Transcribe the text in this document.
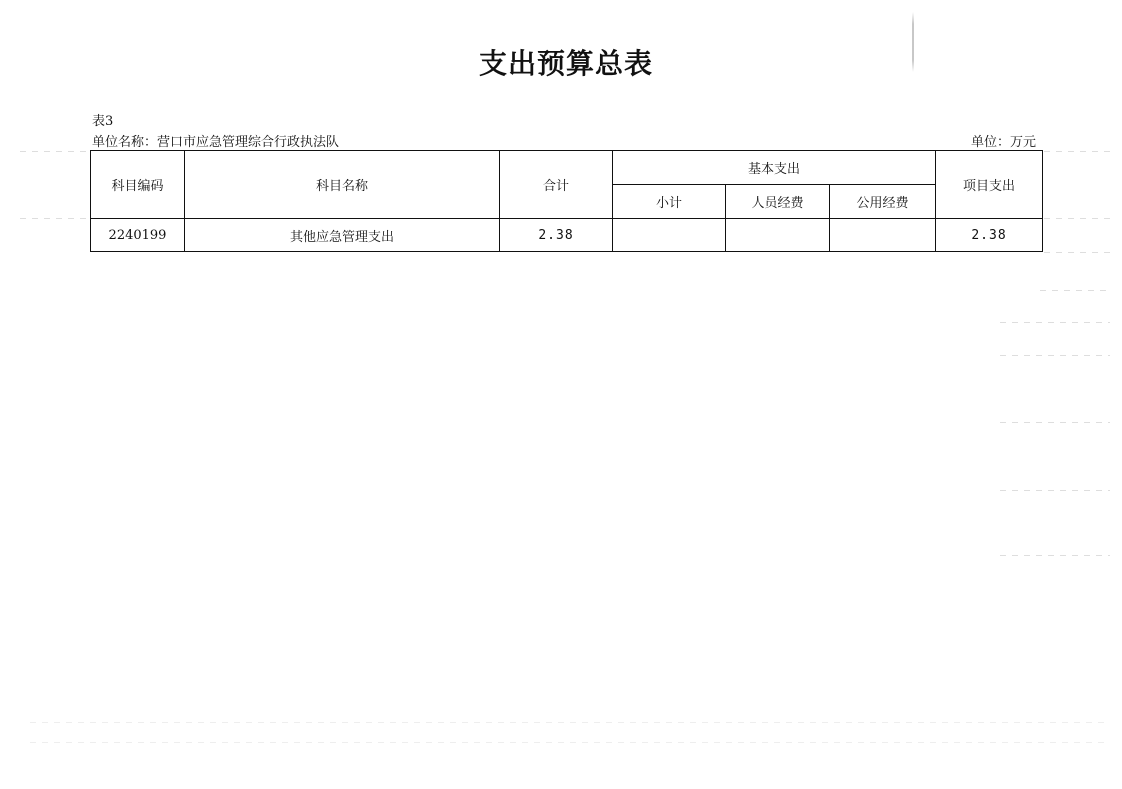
支出预算总表
表3
单位名称：营口市应急管理综合行政执法队	单位：万元
科目编码	科目名称	合计	基本支出			项目支出
			小计	人员经费	公用经费	
2240199	其他应急管理支出	2.38				2.38
